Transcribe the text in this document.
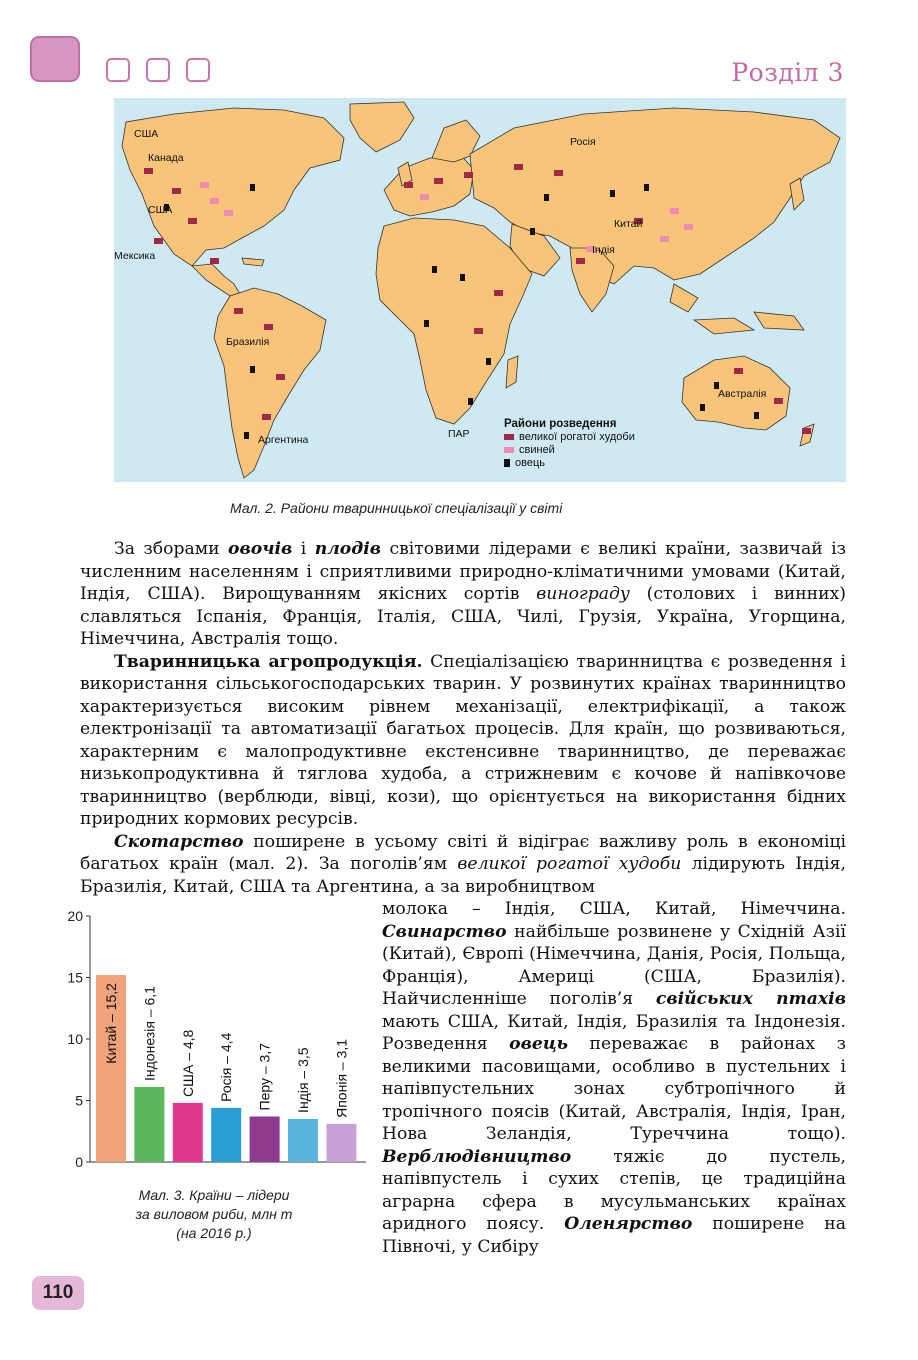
Розділ 3
США
Канада
США
Мексика
Бразилія
Аргентина
Росія
Китай
Індія
Австралія
ПАР
Райони розведення
великої рогатої худоби
свиней
овець
Мал. 2. Райони тваринницької спеціалізації у світі

За зборами овочів і плодів світовими лідерами є великі країни, зазвичай із численним населенням і сприятливими природно-кліматичними умовами (Китай, Індія, США). Вирощуванням якісних сортів винограду (столових і винних) славляться Іспанія, Франція, Італія, США, Чилі, Грузія, Україна, Угорщина, Німеччина, Австралія тощо.

Тваринницька агропродукція. Спеціалізацією тваринництва є розведення і використання сільськогосподарських тварин. У розвинутих країнах тваринництво характеризується високим рівнем механізації, електрифікації, а також електронізації та автоматизації багатьох процесів. Для країн, що розвиваються, характерним є малопродуктивне екстенсивне тваринництво, де переважає низькопродуктивна й тяглова худоба, а стрижневим є кочове й напівкочове тваринництво (верблюди, вівці, кози), що орієнтується на використання бідних природних кормових ресурсів.

Скотарство поширене в усьому світі й відіграє важливу роль в економіці багатьох країн (мал. 2). За поголів’ям великої рогатої худоби лідирують Індія, Бразилія, Китай, США та Аргентина, а за виробництвом

молока – Індія, США, Китай, Німеччина. Свинарство найбільше розвинене у Східній Азії (Китай), Європі (Німеччина, Данія, Росія, Польща, Франція), Америці (США, Бразилія). Найчисленніше поголів’я свійських птахів мають США, Китай, Індія, Бразилія та Індонезія. Розведення овець переважає в районах з великими пасовищами, особливо в пустельних і напівпустельних зонах субтропічного й тропічного поясів (Китай, Австралія, Індія, Іран, Нова Зеландія, Туреччина тощо). Верблюдівництво тяжіє до пустель, напівпустель і сухих степів, це традиційна аграрна сфера в мусульманських країнах аридного поясу. Оленярство поширене на Півночі, у Сибіру

0
5
10
15
20
Китай – 15,2 Індонезія – 6,1 США – 4,8 Росія – 4,4 Перу – 3,7 Індія – 3,5 Японія – 3,1
Мал. 3. Країни – лідери
за виловом риби, млн т
(на 2016 р.)
110
